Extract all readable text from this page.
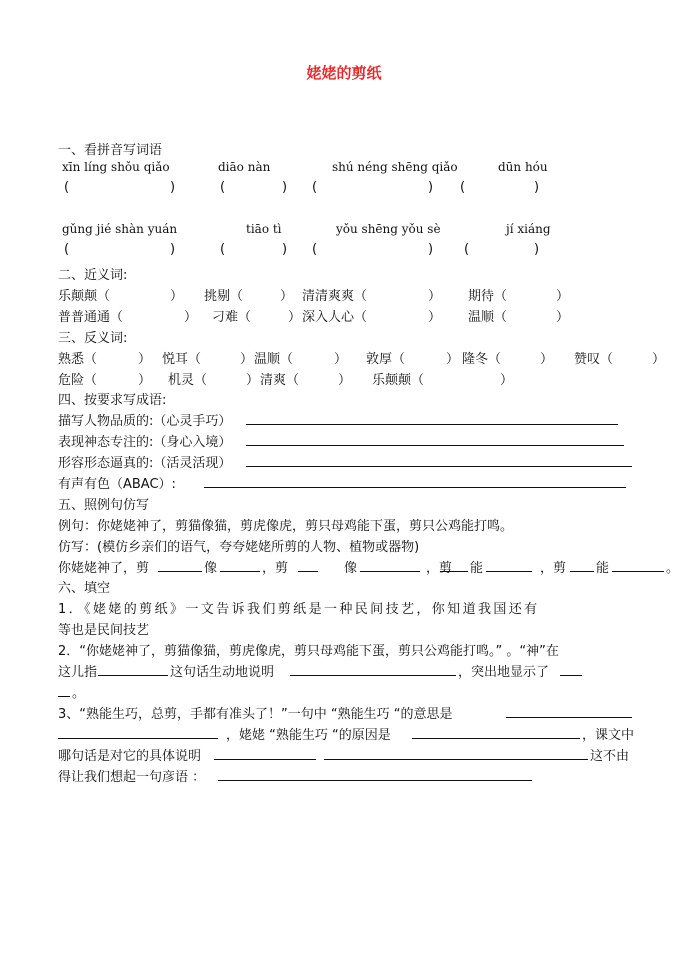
姥姥的剪纸
一、看拼音写词语
xīn líng shǒu qiǎo	diāo nàn	shú néng shēng qiǎo	dūn hóu
(	)	(	) (	) (	)
gǔng jié shàn yuán	tiāo tì	yǒu shēng yǒu sè	jí xiáng
(	)	(	) (	) (	)
二、近义词:
乐颠颠（	） 挑剔（	） 清清爽爽（	） 期待（	）
普普通通（	） 刁难（	） 深入人心（	） 温顺（	）
三、反义词:
熟悉（	） 悦耳（	） 温顺（	） 敦厚（	） 隆冬（	） 赞叹（	）
危险（	） 机灵（	） 清爽（	） 乐颠颠（	）
四、按要求写成语:
描写人物品质的:（心灵手巧）
表现神态专注的:（身心入境）
形容形态逼真的:（活灵活现）
有声有色（ABAC）:
五、照例句仿写
例句：你姥姥神了，剪猫像猫，剪虎像虎，剪只母鸡能下蛋，剪只公鸡能打鸣。
仿写：(模仿乡亲们的语气，夸夸姥姥所剪的人物、植物或器物)
你姥姥神了，剪	像	，剪	像	，剪 能	，剪 能	。
六、填空
1．《姥姥的剪纸》一文告诉我们剪纸是一种民间技艺，你知道我国还有
等也是民间技艺
2．“你姥姥神了，剪猫像猫，剪虎像虎，剪只母鸡能下蛋，剪只公鸡能打鸣。” 。“神”在
这儿指	这句话生动地说明	，突出地显示了
。
3、“熟能生巧，总剪，手都有准头了！”一句中 “熟能生巧 “的意思是
，姥姥 “熟能生巧 “的原因是	，课文中
哪句话是对它的具体说明	这不由
得让我们想起一句彦语 ：
